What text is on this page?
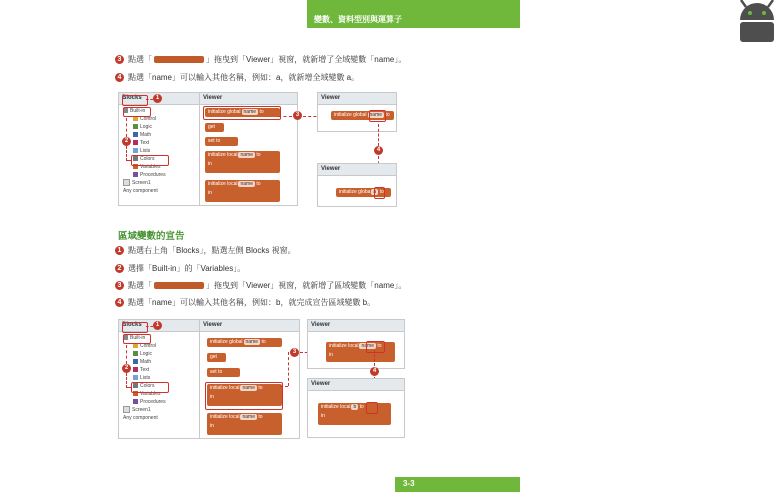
3
變數、資料型別與運算子
3 點選「	」拖曳到「Viewer」視窗，就新增了全域變數「name」。
4 點選「name」可以輸入其他名稱，例如：a，就新增全域變數 a。
Blocks	Viewer
Built-in
Control
Logic
Math
Text
Lists
Colors
Variables
Procedures
Screen1
Any component
initialize global name to
get
set to
initialize local name to
in
initialize local name to
in
1
2
3
Viewer
initialize global name to
4
Viewer
initialize globa a to
區域變數的宣告
1 點選右上角「Blocks」，點選左側 Blocks 視窗。
2 選擇「Built-in」的「Variables」。
3 點選「	」拖曳到「Viewer」視窗，就新增了區域變數「name」。
4 點選「name」可以輸入其他名稱，例如：b，就完成宣告區域變數 b。
Blocks	Viewer
Built-in
Control
Logic
Math
Text
Lists
Colors
Variables
Procedures
Screen1
Any component
initialize global name to
get
set to
initialize local name to
in
initialize local name to
in
1
2
3
Viewer
initialize local name to
in
4
Viewer
initialize local b to
in
3-3
